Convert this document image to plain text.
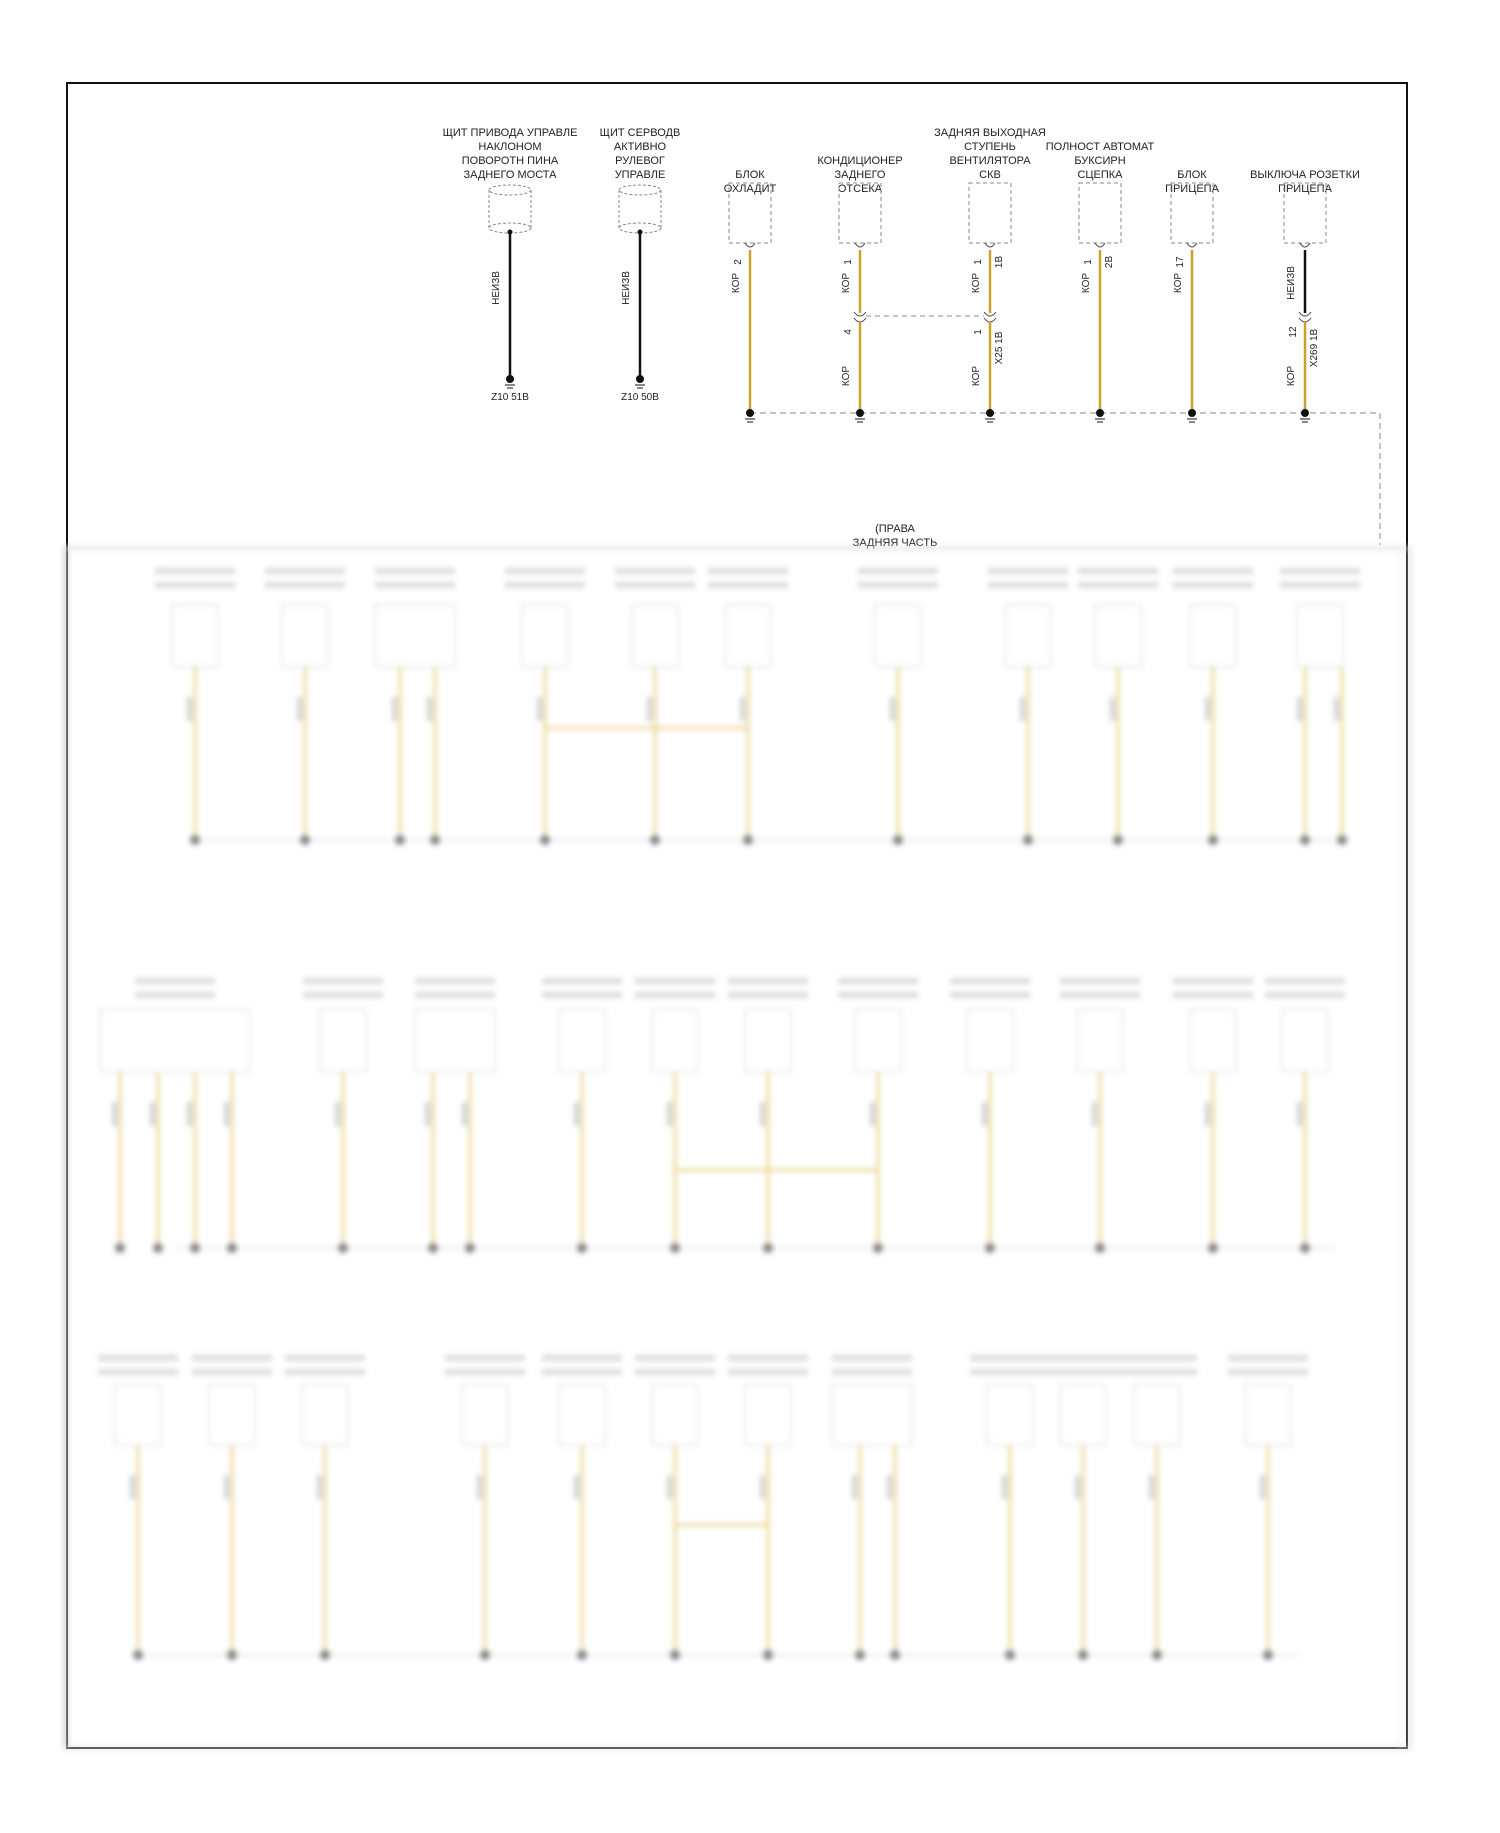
ЩИТ ПРИВОДА УПРАВЛЕ
НАКЛОНОМ
ПОВОРОТН ПИНА
ЗАДНЕГО МОСТА
НЕИЗВ
Z10 51B
ЩИТ СЕРВОДВ
АКТИВНО
РУЛЕВОГ
УПРАВЛЕ
НЕИЗВ
Z10 50B
БЛОК
ОХЛАДИТ
2
КОР
КОНДИЦИОНЕР
ЗАДНЕГО
ОТСЕКА
1
КОР
4
КОР
ЗАДНЯЯ ВЫХОДНАЯ
СТУПЕНЬ
ВЕНТИЛЯТОРА
СКВ
1 1B
КОР
1 X25 1B
КОР
ПОЛНОСТ АВТОМАТ
БУКСИРН
СЦЕПКА
1 2B
КОР
БЛОК
ПРИЦЕПА
17
КОР
ВЫКЛЮЧА РОЗЕТКИ
ПРИЦЕПА
НЕИЗВ
12 X269 1B
КОР
(ПРАВА
ЗАДНЯЯ ЧАСТЬ
